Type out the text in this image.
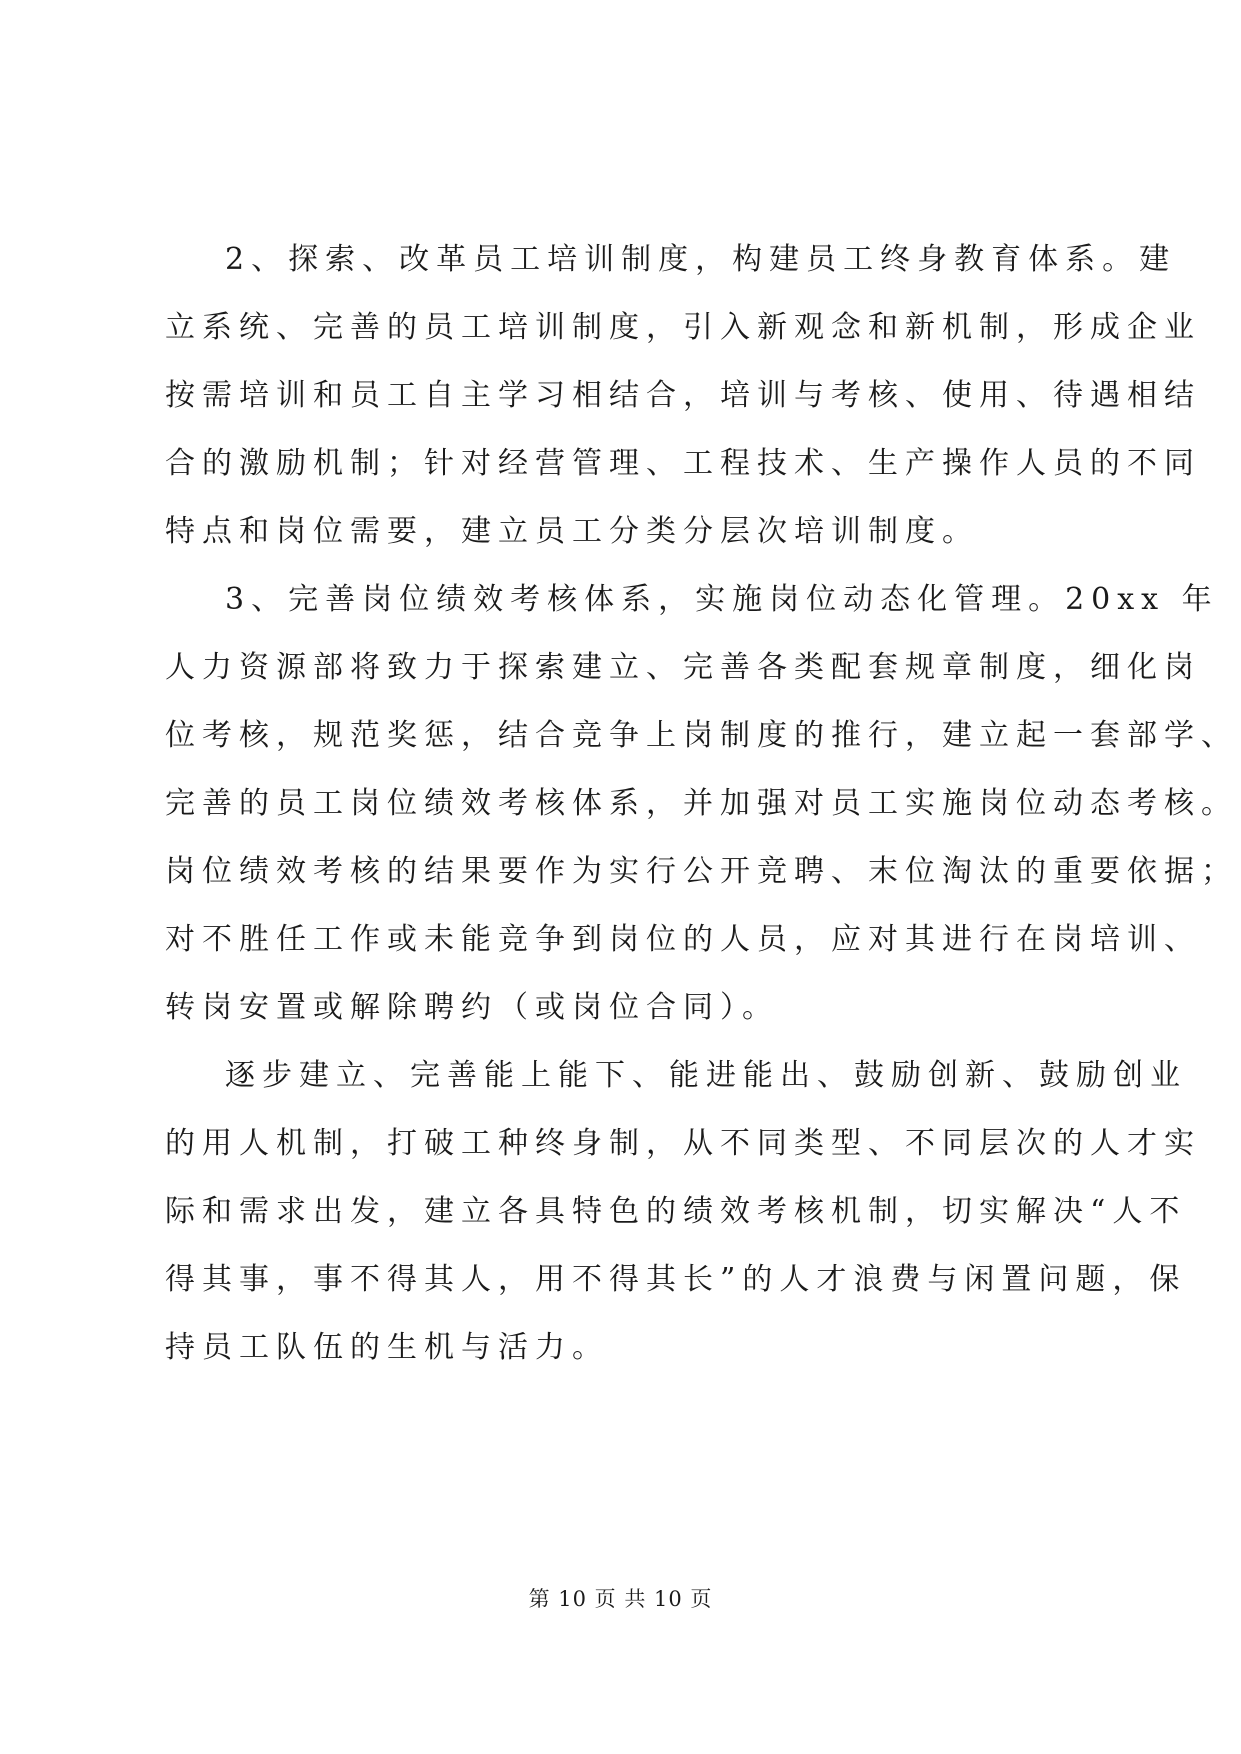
2、探索、改革员工培训制度，构建员工终身教育体系。建
立系统、完善的员工培训制度，引入新观念和新机制，形成企业
按需培训和员工自主学习相结合，培训与考核、使用、待遇相结
合的激励机制；针对经营管理、工程技术、生产操作人员的不同
特点和岗位需要，建立员工分类分层次培训制度。
3、完善岗位绩效考核体系，实施岗位动态化管理。20xx 年
人力资源部将致力于探索建立、完善各类配套规章制度，细化岗
位考核，规范奖惩，结合竞争上岗制度的推行，建立起一套部学、
完善的员工岗位绩效考核体系，并加强对员工实施岗位动态考核。
岗位绩效考核的结果要作为实行公开竞聘、末位淘汰的重要依据；
对不胜任工作或未能竞争到岗位的人员，应对其进行在岗培训、
转岗安置或解除聘约（或岗位合同）。
逐步建立、完善能上能下、能进能出、鼓励创新、鼓励创业
的用人机制，打破工种终身制，从不同类型、不同层次的人才实
际和需求出发，建立各具特色的绩效考核机制，切实解决“人不
得其事，事不得其人，用不得其长”的人才浪费与闲置问题，保
持员工队伍的生机与活力。
第 10 页 共 10 页
